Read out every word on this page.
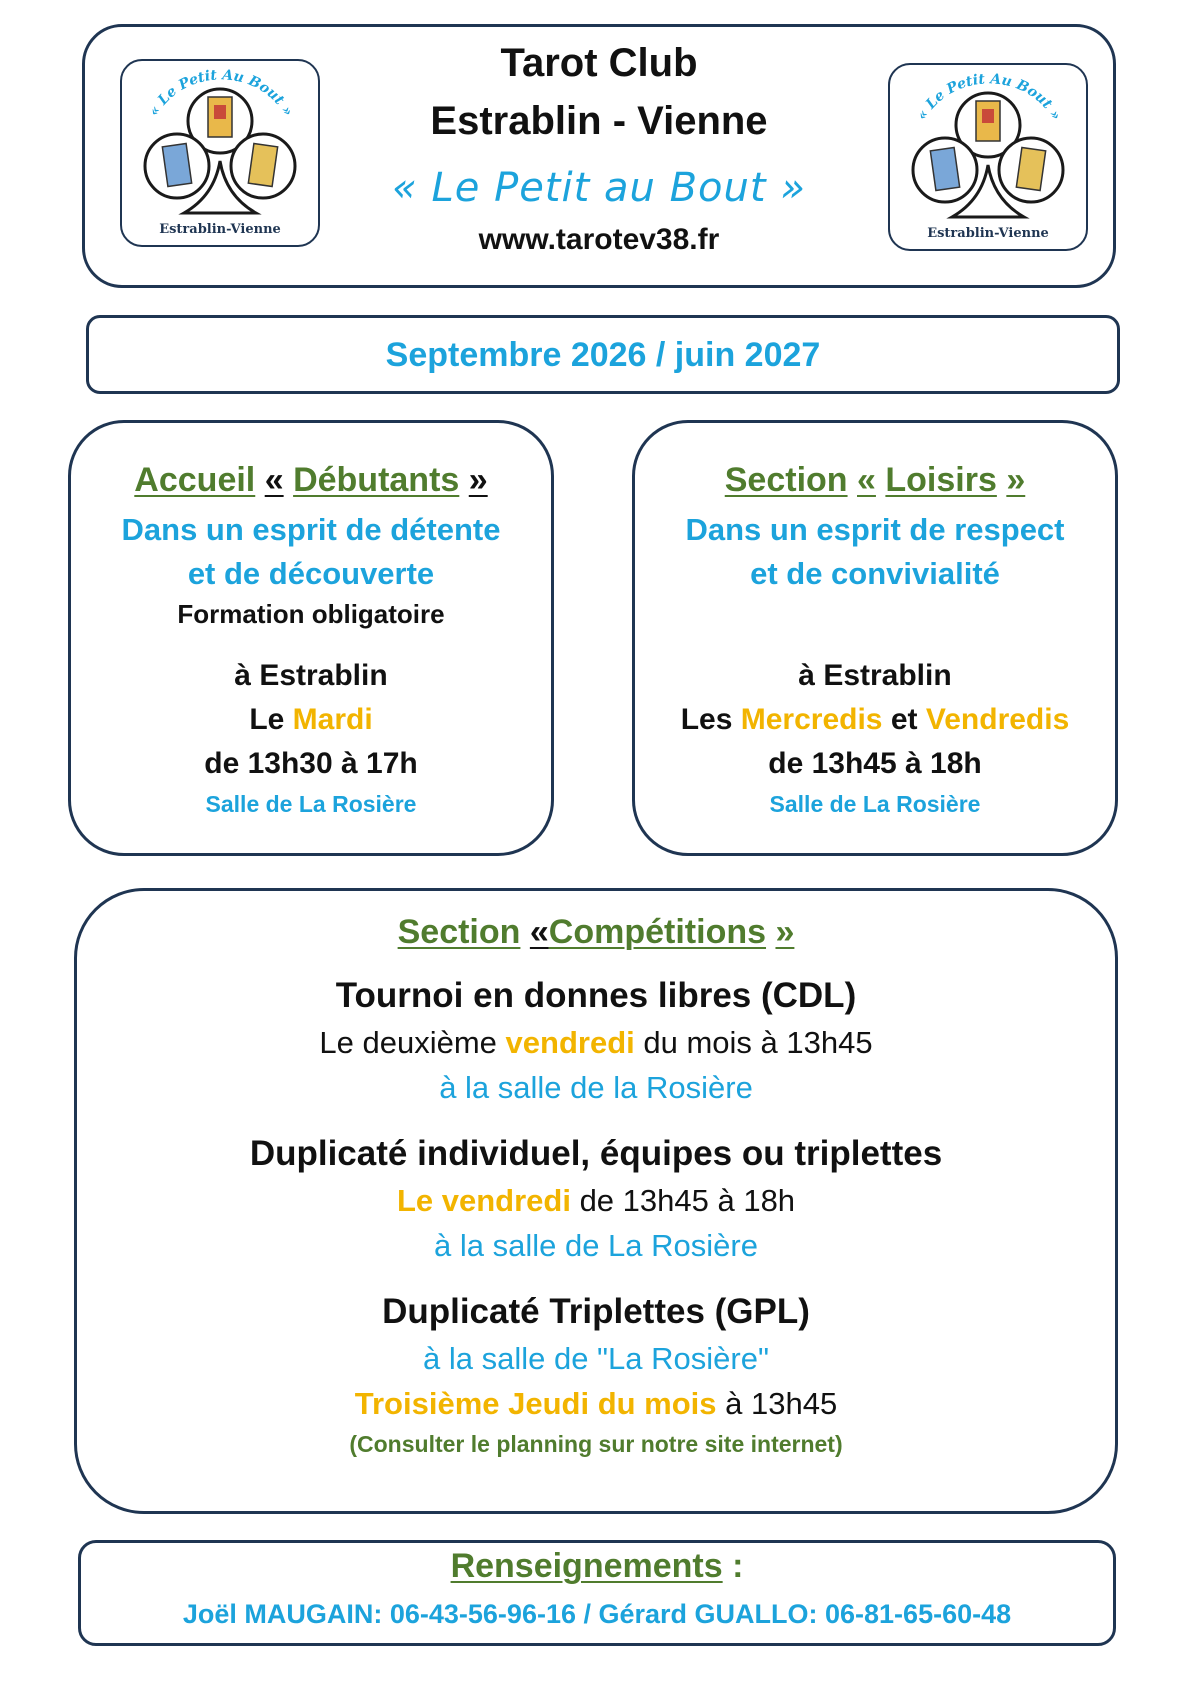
« Le Petit Au Bout »
Estrablin-Vienne
Tarot Club
Estrablin - Vienne
« Le Petit au Bout »
www.tarotev38.fr
« Le Petit Au Bout »
Estrablin-Vienne
Septembre 2026 / juin 2027
Accueil « Débutants »
Dans un esprit de détente
et de découverte
Formation obligatoire
à Estrablin
Le Mardi
de 13h30 à 17h
Salle de La Rosière
Section « Loisirs »
Dans un esprit de respect
et de convivialité
à Estrablin
Les Mercredis et Vendredis
de 13h45 à 18h
Salle de La Rosière
Section «Compétitions »
Tournoi en donnes libres (CDL)
Le deuxième vendredi du mois à 13h45
à la salle de la Rosière
Duplicaté individuel, équipes ou triplettes
Le vendredi de 13h45 à 18h
à la salle de La Rosière
Duplicaté Triplettes (GPL)
à la salle de "La Rosière"
Troisième Jeudi du mois à 13h45
(Consulter le planning sur notre site internet)
Renseignements :
Joël MAUGAIN: 06-43-56-96-16 / Gérard GUALLO: 06-81-65-60-48
